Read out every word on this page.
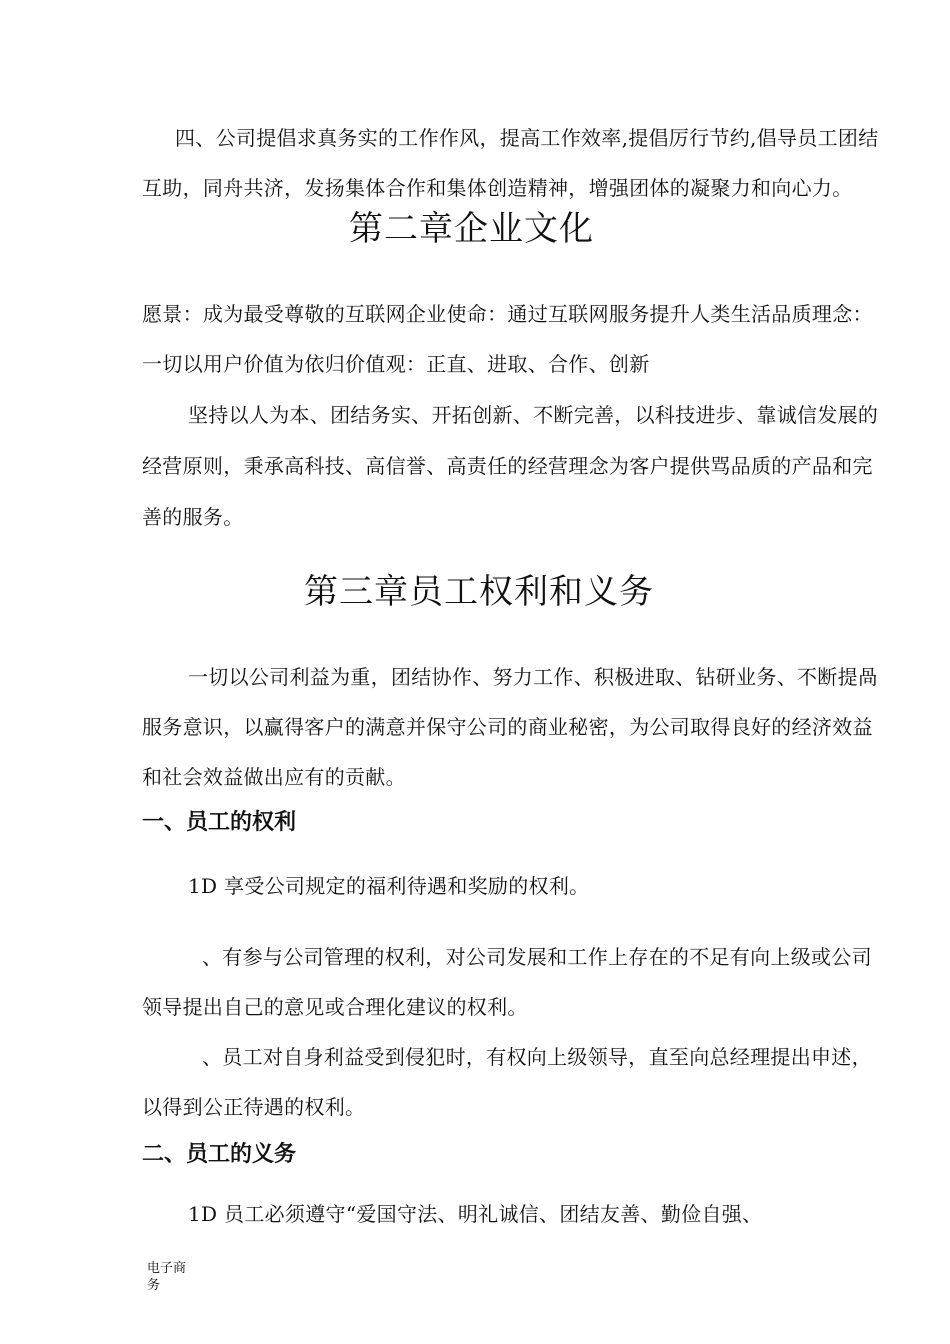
四、公司提倡求真务实的工作作风，提高工作效率,提倡厉行节约,倡导员工团结
互助，同舟共济，发扬集体合作和集体创造精神，增强团体的凝聚力和向心力。
第二章企业文化
愿景：成为最受尊敬的互联网企业使命：通过互联网服务提升人类生活品质理念：
一切以用户价值为依归价值观：正直、进取、合作、创新
坚持以人为本、团结务实、开拓创新、不断完善，以科技进步、靠诚信发展的
经营原则，秉承高科技、高信誉、高责任的经营理念为客户提供骂品质的产品和完
善的服务。
第三章员工权利和义务
一切以公司利益为重，团结协作、努力工作、积极进取、钻研业务、不断提咼
服务意识，以赢得客户的满意并保守公司的商业秘密，为公司取得良好的经济效益
和社会效益做出应有的贡献。
一、员工的权利
1D 享受公司规定的福利待遇和奖励的权利。
、有参与公司管理的权利，对公司发展和工作上存在的不足有向上级或公司
领导提出自己的意见或合理化建议的权利。
、员工对自身利益受到侵犯时，有权向上级领导，直至向总经理提出申述，
以得到公正待遇的权利。
二、员工的义务
1D 员工必须遵守“爱国守法、明礼诚信、团结友善、勤俭自强、
电子商务
